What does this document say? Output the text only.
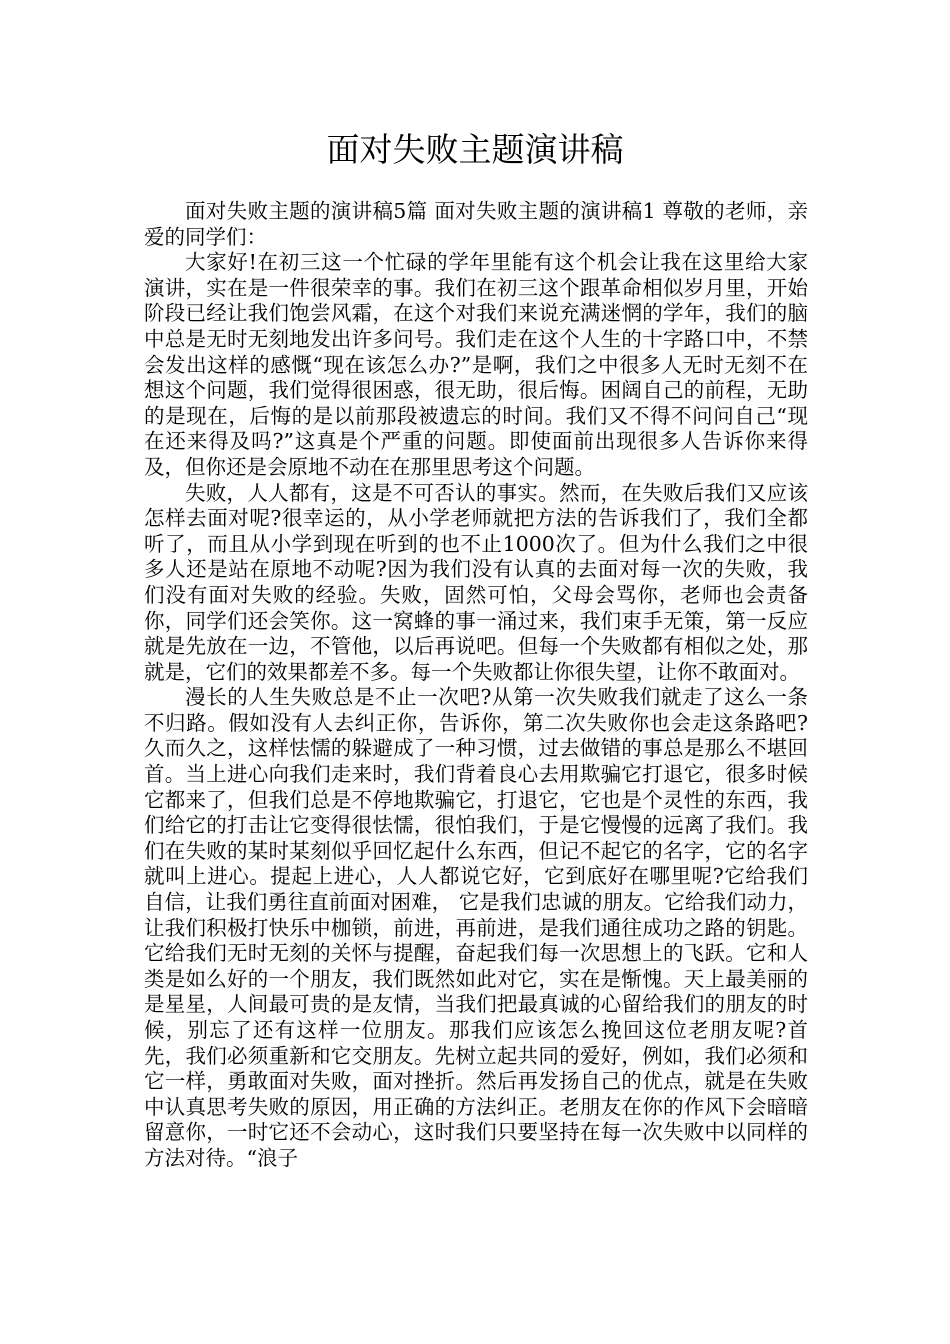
面对失败主题演讲稿

面对失败主题的演讲稿5篇 面对失败主题的演讲稿1 尊敬的老师，亲爱的同学们：

大家好!在初三这一个忙碌的学年里能有这个机会让我在这里给大家演讲，实在是一件很荣幸的事。我们在初三这个跟革命相似岁月里，开始阶段已经让我们饱尝风霜，在这个对我们来说充满迷惘的学年，我们的脑中总是无时无刻地发出许多问号。我们走在这个人生的十字路口中，不禁会发出这样的感慨“现在该怎么办?”是啊，我们之中很多人无时无刻不在想这个问题，我们觉得很困惑，很无助，很后悔。困阔自己的前程，无助的是现在，后悔的是以前那段被遗忘的时间。我们又不得不问问自己“现在还来得及吗?”这真是个严重的问题。即使面前出现很多人告诉你来得及，但你还是会原地不动在在那里思考这个问题。

失败，人人都有，这是不可否认的事实。然而，在失败后我们又应该怎样去面对呢?很幸运的，从小学老师就把方法的告诉我们了，我们全都听了，而且从小学到现在听到的也不止1000次了。但为什么我们之中很多人还是站在原地不动呢?因为我们没有认真的去面对每一次的失败，我们没有面对失败的经验。失败，固然可怕，父母会骂你，老师也会责备你，同学们还会笑你。这一窝蜂的事一涌过来，我们束手无策，第一反应就是先放在一边，不管他，以后再说吧。但每一个失败都有相似之处，那就是，它们的效果都差不多。每一个失败都让你很失望，让你不敢面对。

漫长的人生失败总是不止一次吧?从第一次失败我们就走了这么一条不归路。假如没有人去纠正你，告诉你，第二次失败你也会走这条路吧?久而久之，这样怯懦的躲避成了一种习惯，过去做错的事总是那么不堪回首。当上进心向我们走来时，我们背着良心去用欺骗它打退它，很多时候它都来了，但我们总是不停地欺骗它，打退它，它也是个灵性的东西，我们给它的打击让它变得很怯懦，很怕我们，于是它慢慢的远离了我们。我们在失败的某时某刻似乎回忆起什么东西，但记不起它的名字，它的名字就叫上进心。提起上进心，人人都说它好，它到底好在哪里呢?它给我们自信，让我们勇往直前面对困难， 它是我们忠诚的朋友。它给我们动力，让我们积极打快乐中枷锁，前进，再前进，是我们通往成功之路的钥匙。它给我们无时无刻的关怀与提醒，奋起我们每一次思想上的飞跃。它和人类是如么好的一个朋友，我们既然如此对它，实在是惭愧。天上最美丽的是星星，人间最可贵的是友情，当我们把最真诚的心留给我们的朋友的时候，别忘了还有这样一位朋友。那我们应该怎么挽回这位老朋友呢?首先，我们必须重新和它交朋友。先树立起共同的爱好，例如，我们必须和它一样，勇敢面对失败，面对挫折。然后再发扬自己的优点，就是在失败中认真思考失败的原因，用正确的方法纠正。老朋友在你的作风下会暗暗留意你，一时它还不会动心，这时我们只要坚持在每一次失败中以同样的方法对待。“浪子
